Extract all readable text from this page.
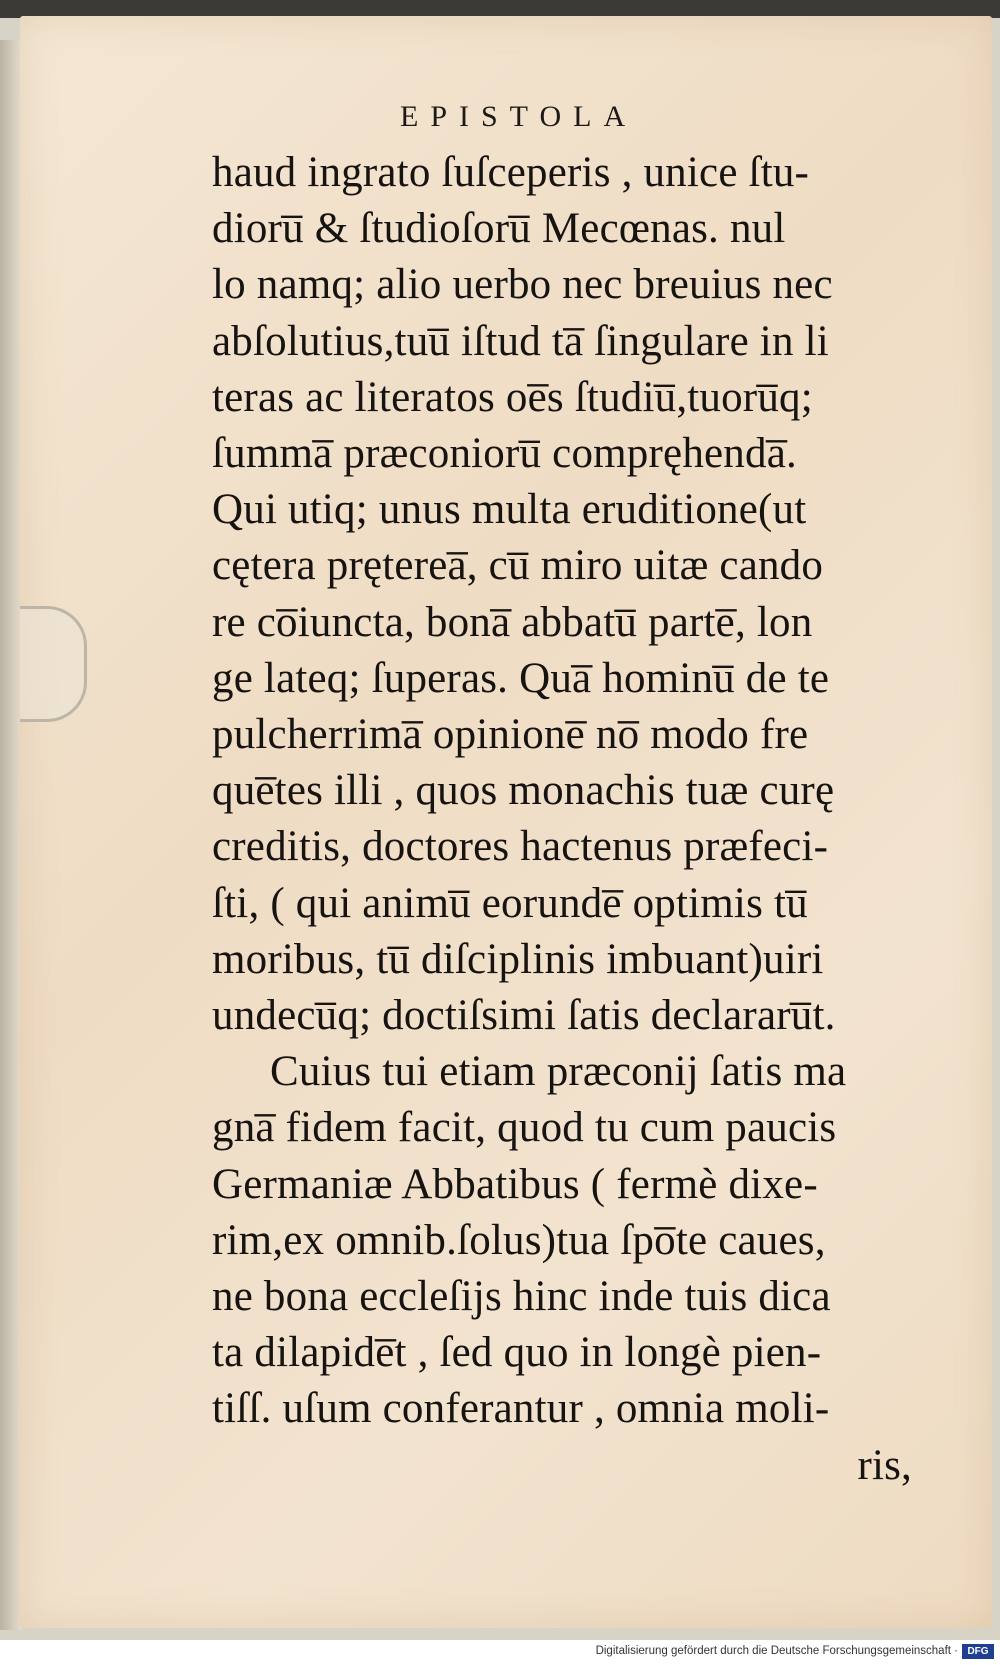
EPISTOLA
haud ingrato ſuſceperis , unice ſtu-
dioru̅ & ſtudioſoru̅ Mecœnas. nul
lo namq; alio uerbo nec breuius nec
abſolutius,tuu̅ iſtud ta̅ ſingulare in li
teras ac literatos oe̅s ſtudiu̅,tuoru̅q;
ſumma̅ præconioru̅ compręhenda̅.
Qui utiq; unus multa eruditione(ut
cętera pręterea̅, cu̅ miro uitæ cando
re co̅iuncta, bona̅ abbatu̅ parte̅, lon
ge lateq; ſuperas. Qua̅ hominu̅ de te
pulcherrima̅ opinione̅ no̅ modo fre
que̅tes illi , quos monachis tuæ curę
creditis, doctores hactenus præfeci-
ſti, ( qui animu̅ eorunde̅ optimis tu̅
moribus, tu̅ diſciplinis imbuant)uiri
undecu̅q; doctiſsimi ſatis declararu̅t.
Cuius tui etiam præconij ſatis ma
gna̅ fidem facit, quod tu cum paucis
Germaniæ Abbatibus ( fermè dixe-
rim,ex omnib.ſolus)tua ſpo̅te caues,
ne bona eccleſijs hinc inde tuis dica
ta dilapide̅t , ſed quo in longè pien-
tiſſ. uſum conferantur , omnia moli-
ris,
Digitalisierung gefördert durch die Deutsche Forschungsgemeinschaft · DFG
